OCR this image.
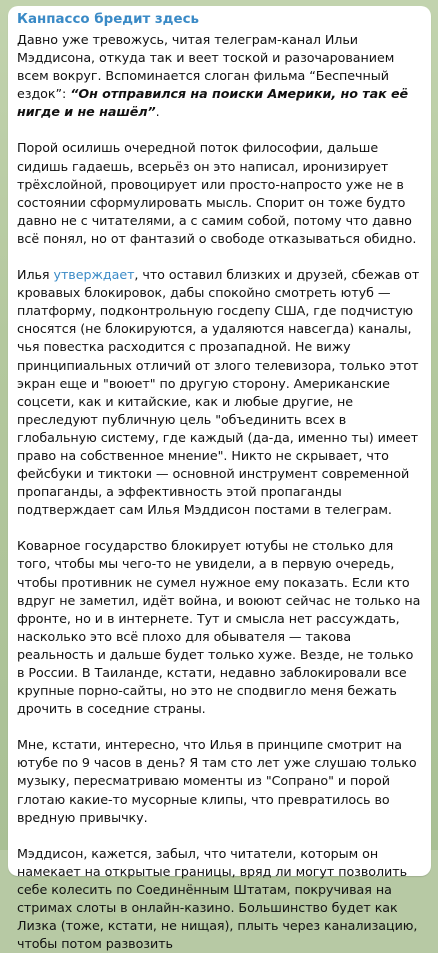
Канпассо бредит здесь

Давно уже тревожусь, читая телеграм-канал Ильи Мэддисона, откуда так и веет тоской и разочарованием всем вокруг. Вспоминается слоган фильма “Беспечный ездок”: “Он отправился на поиски Америки, но так её нигде и не нашёл”.

Порой осилишь очередной поток философии, дальше сидишь гадаешь, всерьёз он это написал, иронизирует трёхслойной, провоцирует или просто-напросто уже не в состоянии сформулировать мысль. Спорит он тоже будто давно не с читателями, а с самим собой, потому что давно всё понял, но от фантазий о свободе отказываться обидно.

Илья утверждает, что оставил близких и друзей, сбежав от кровавых блокировок, дабы спокойно смотреть ютуб — платформу, подконтрольную госдепу США, где подчистую сносятся (не блокируются, а удаляются навсегда) каналы, чья повестка расходится с прозападной. Не вижу принципиальных отличий от злого телевизора, только этот экран еще и "воюет" по другую сторону. Американские соцсети, как и китайские, как и любые другие, не преследуют публичную цель "объединить всех в глобальную систему, где каждый (да-да, именно ты) имеет право на собственное мнение". Никто не скрывает, что фейсбуки и тиктоки — основной инструмент современной пропаганды, а эффективность этой пропаганды подтверждает сам Илья Мэддисон постами в телеграм.

Коварное государство блокирует ютубы не столько для того, чтобы мы чего-то не увидели, а в первую очередь, чтобы противник не сумел нужное ему показать. Если кто вдруг не заметил, идёт война, и воюют сейчас не только на фронте, но и в интернете. Тут и смысла нет рассуждать, насколько это всё плохо для обывателя — такова реальность и дальше будет только хуже. Везде, не только в России. В Таиланде, кстати, недавно заблокировали все крупные порно-сайты, но это не сподвигло меня бежать дрочить в соседние страны.

Мне, кстати, интересно, что Илья в принципе смотрит на ютубе по 9 часов в день? Я там сто лет уже слушаю только музыку, пересматриваю моменты из "Сопрано" и порой глотаю какие-то мусорные клипы, что превратилось во вредную привычку.

Мэддисон, кажется, забыл, что читатели, которым он намекает на открытые границы, вряд ли могут позволить себе колесить по Соединённым Штатам, покручивая на стримах слоты в онлайн-казино. Большинство будет как Лизка (тоже, кстати, не нищая), плыть через канализацию, чтобы потом развозить
